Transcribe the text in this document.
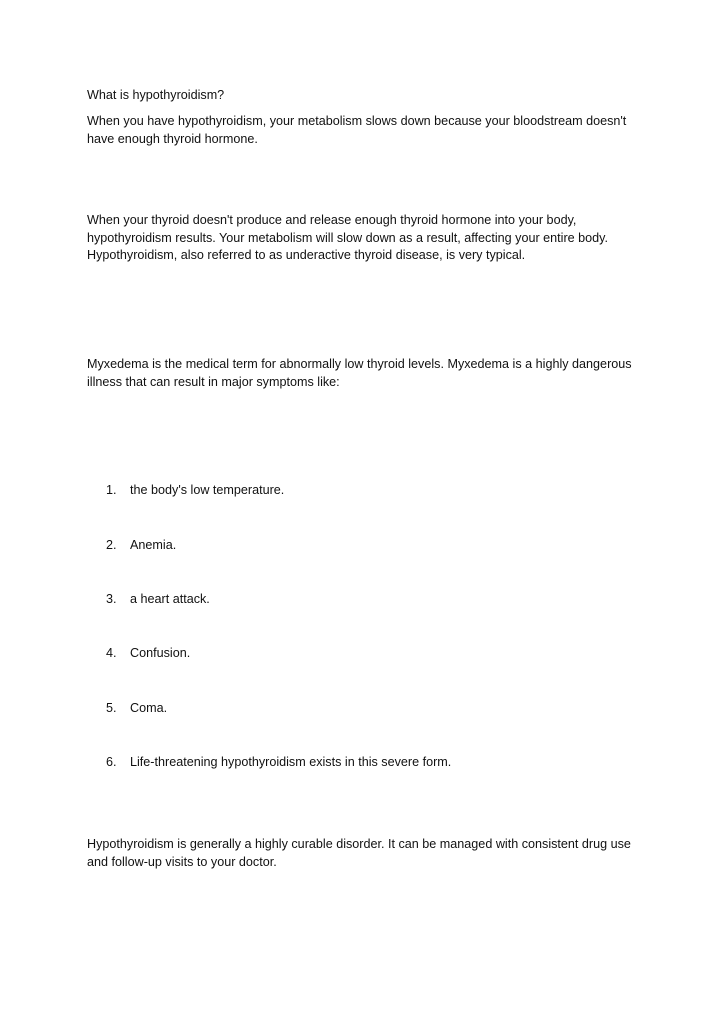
What is hypothyroidism?

When you have hypothyroidism, your metabolism slows down because your bloodstream doesn't have enough thyroid hormone.

When your thyroid doesn't produce and release enough thyroid hormone into your body, hypothyroidism results. Your metabolism will slow down as a result, affecting your entire body. Hypothyroidism, also referred to as underactive thyroid disease, is very typical.

Myxedema is the medical term for abnormally low thyroid levels. Myxedema is a highly dangerous illness that can result in major symptoms like:

1. the body's low temperature.
2. Anemia.
3. a heart attack.
4. Confusion.
5. Coma.
6. Life-threatening hypothyroidism exists in this severe form.

Hypothyroidism is generally a highly curable disorder. It can be managed with consistent drug use and follow-up visits to your doctor.
